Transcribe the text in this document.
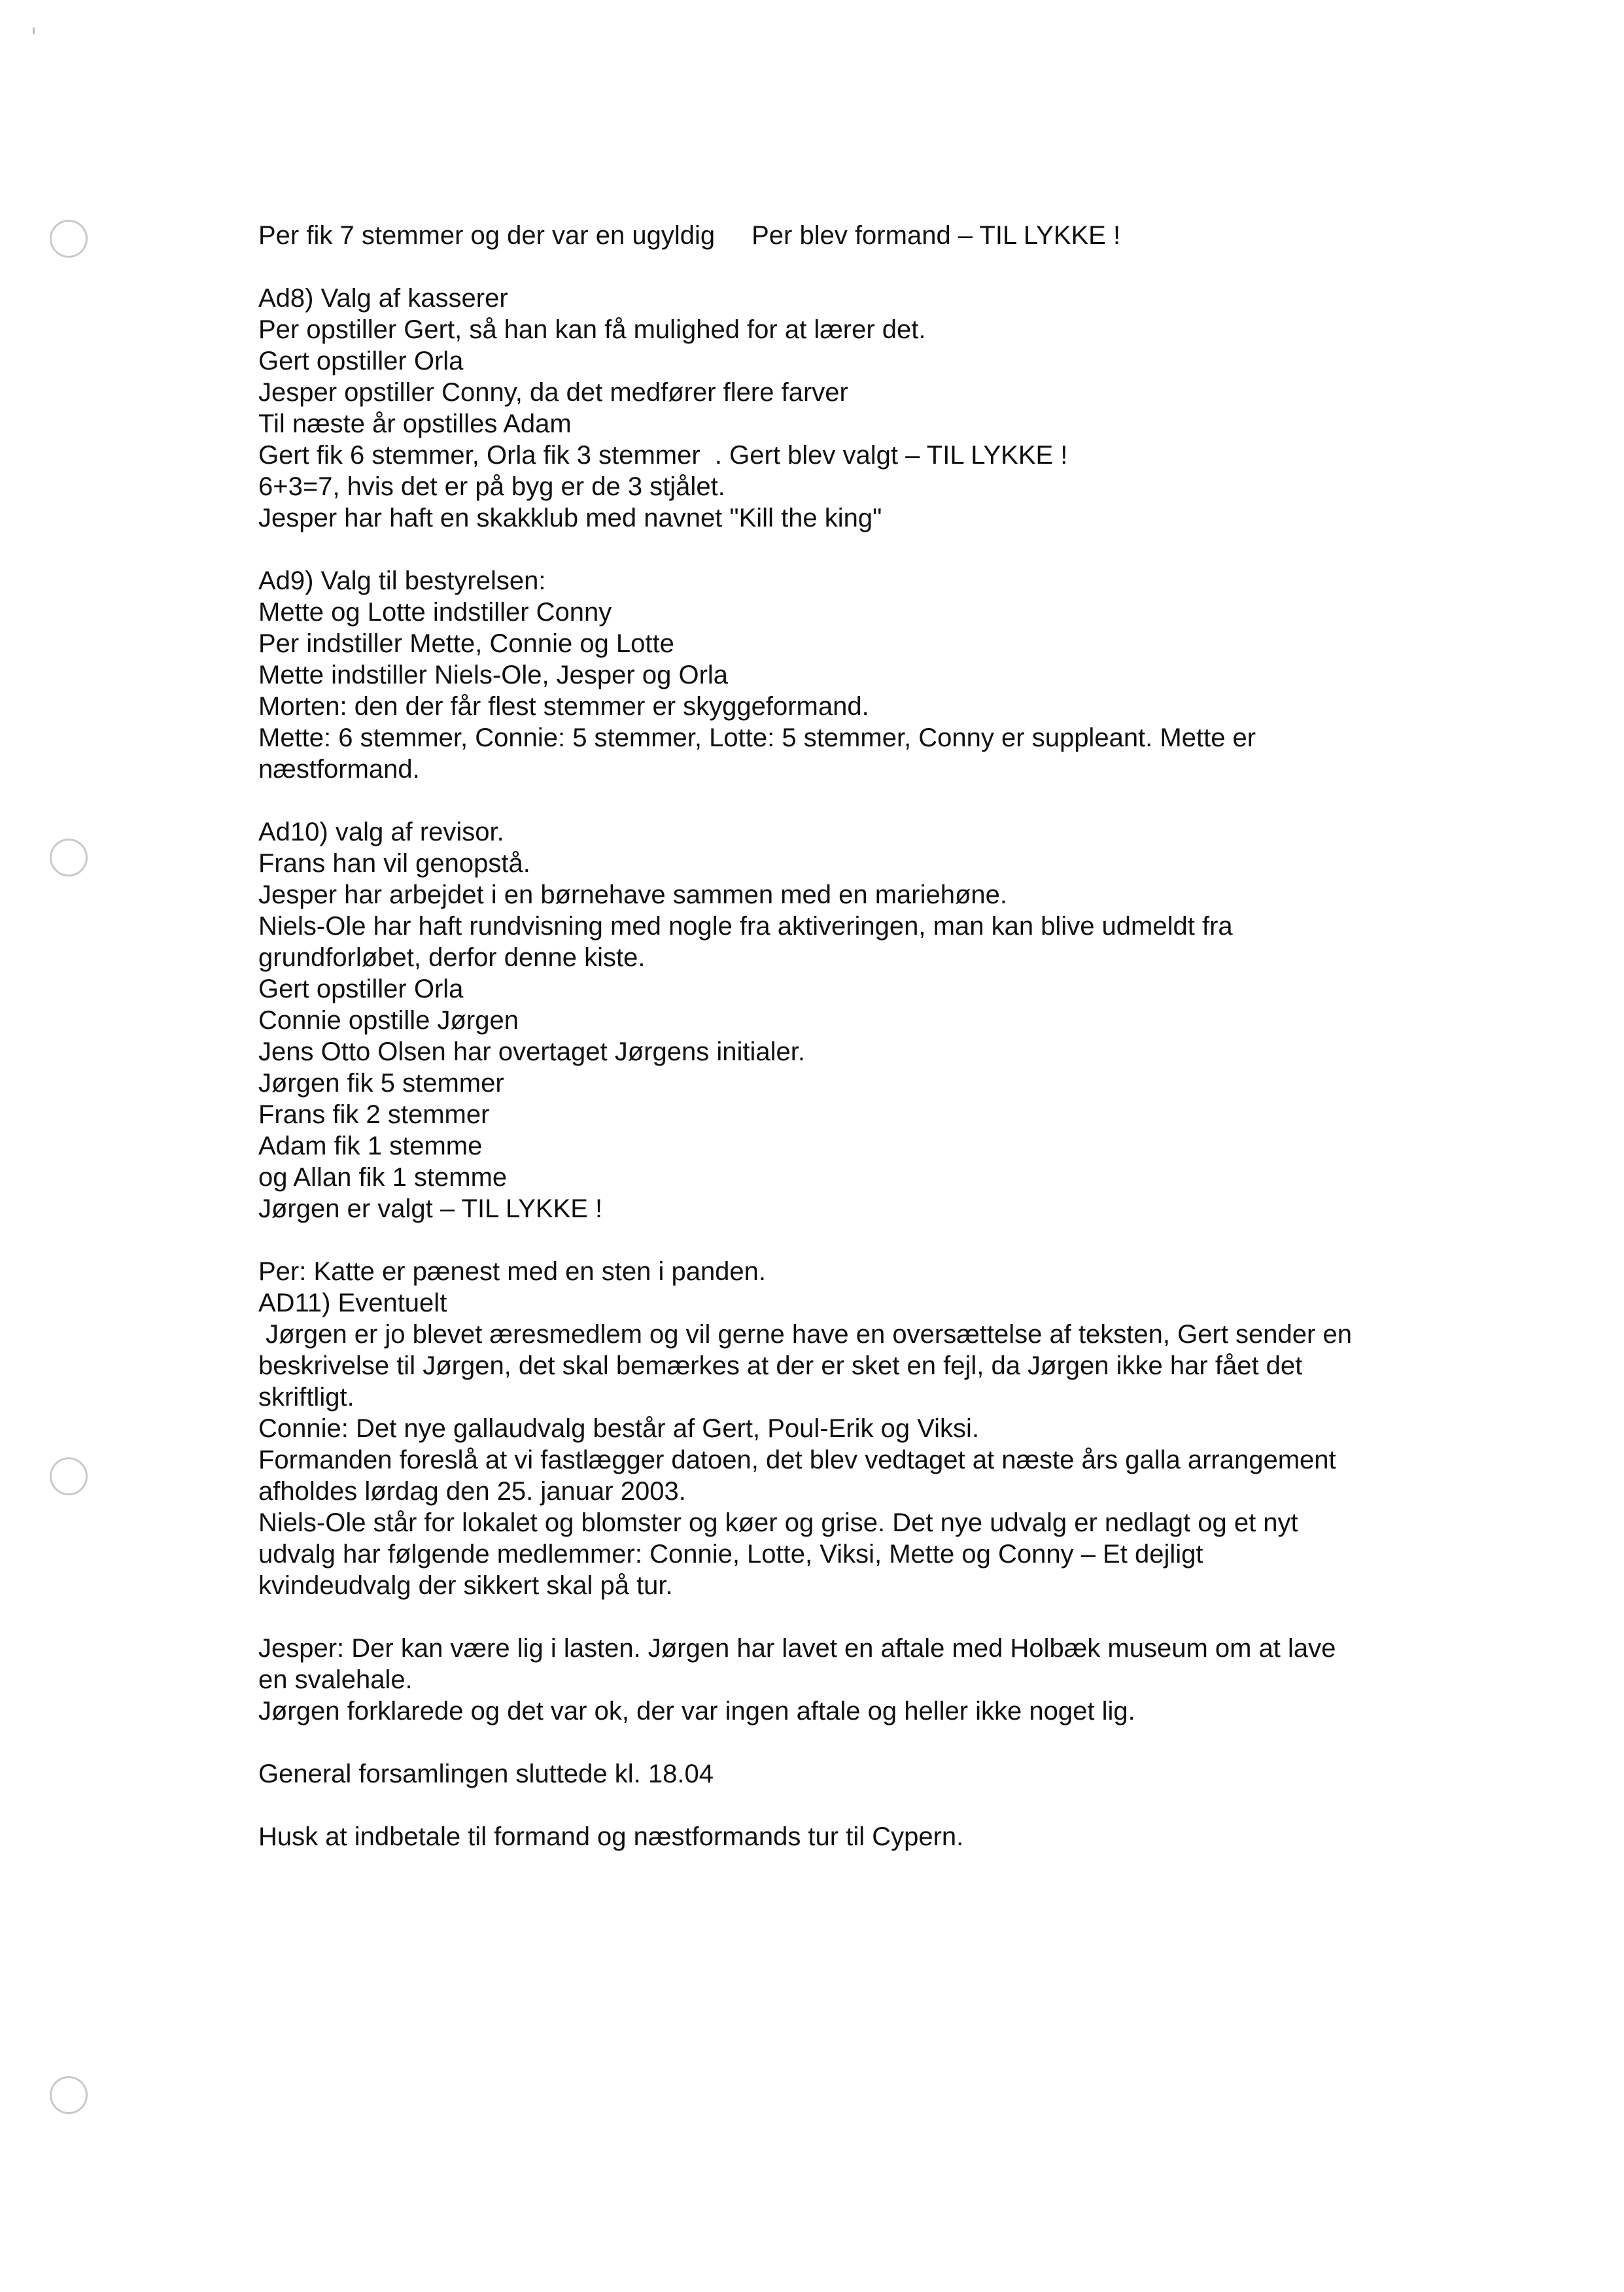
Per fik 7 stemmer og der var en ugyldig Per blev formand – TIL LYKKE !
Ad8) Valg af kasserer
Per opstiller Gert, så han kan få mulighed for at lærer det.
Gert opstiller Orla
Jesper opstiller Conny, da det medfører flere farver
Til næste år opstilles Adam
Gert fik 6 stemmer, Orla fik 3 stemmer  . Gert blev valgt – TIL LYKKE !
6+3=7, hvis det er på byg er de 3 stjålet.
Jesper har haft en skakklub med navnet "Kill the king"
Ad9) Valg til bestyrelsen:
Mette og Lotte indstiller Conny
Per indstiller Mette, Connie og Lotte
Mette indstiller Niels-Ole, Jesper og Orla
Morten: den der får flest stemmer er skyggeformand.
Mette: 6 stemmer, Connie: 5 stemmer, Lotte: 5 stemmer, Conny er suppleant. Mette er
næstformand.
Ad10) valg af revisor.
Frans han vil genopstå.
Jesper har arbejdet i en børnehave sammen med en mariehøne.
Niels-Ole har haft rundvisning med nogle fra aktiveringen, man kan blive udmeldt fra
grundforløbet, derfor denne kiste.
Gert opstiller Orla
Connie opstille Jørgen
Jens Otto Olsen har overtaget Jørgens initialer.
Jørgen fik 5 stemmer
Frans fik 2 stemmer
Adam fik 1 stemme
og Allan fik 1 stemme
Jørgen er valgt – TIL LYKKE !
Per: Katte er pænest med en sten i panden.
AD11) Eventuelt
Jørgen er jo blevet æresmedlem og vil gerne have en oversættelse af teksten, Gert sender en
beskrivelse til Jørgen, det skal bemærkes at der er sket en fejl, da Jørgen ikke har fået det
skriftligt.
Connie: Det nye gallaudvalg består af Gert, Poul-Erik og Viksi.
Formanden foreslå at vi fastlægger datoen, det blev vedtaget at næste års galla arrangement
afholdes lørdag den 25. januar 2003.
Niels-Ole står for lokalet og blomster og køer og grise. Det nye udvalg er nedlagt og et nyt
udvalg har følgende medlemmer: Connie, Lotte, Viksi, Mette og Conny – Et dejligt
kvindeudvalg der sikkert skal på tur.
Jesper: Der kan være lig i lasten. Jørgen har lavet en aftale med Holbæk museum om at lave
en svalehale.
Jørgen forklarede og det var ok, der var ingen aftale og heller ikke noget lig.
General forsamlingen sluttede kl. 18.04
Husk at indbetale til formand og næstformands tur til Cypern.
